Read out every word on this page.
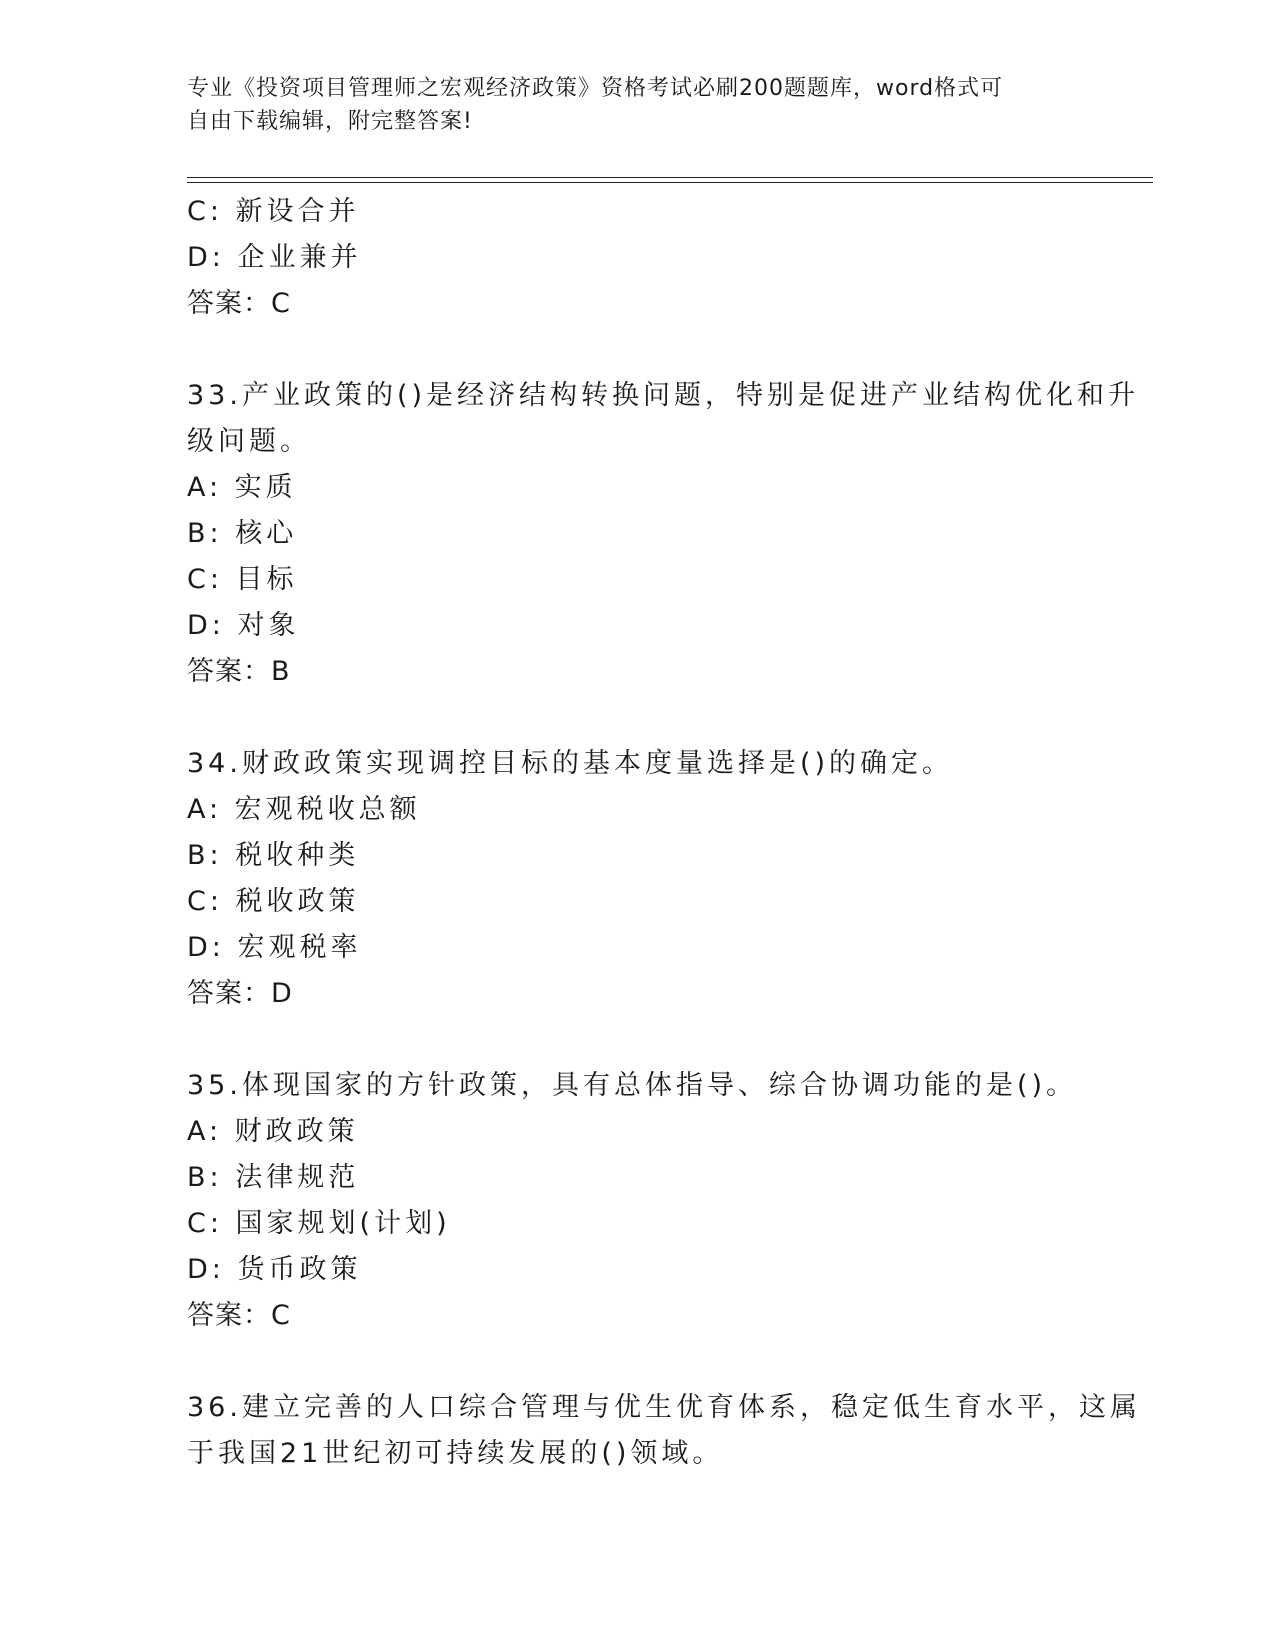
专业《投资项目管理师之宏观经济政策》资格考试必刷200题题库，word格式可
自由下载编辑，附完整答案!
C: 新设合并
D: 企业兼并
答案：C
33.产业政策的()是经济结构转换问题，特别是促进产业结构优化和升
级问题。
A: 实质
B: 核心
C: 目标
D: 对象
答案：B
34.财政政策实现调控目标的基本度量选择是()的确定。
A: 宏观税收总额
B: 税收种类
C: 税收政策
D: 宏观税率
答案：D
35.体现国家的方针政策，具有总体指导、综合协调功能的是()。
A: 财政政策
B: 法律规范
C: 国家规划(计划)
D: 货币政策
答案：C
36.建立完善的人口综合管理与优生优育体系，稳定低生育水平，这属
于我国21世纪初可持续发展的()领域。
